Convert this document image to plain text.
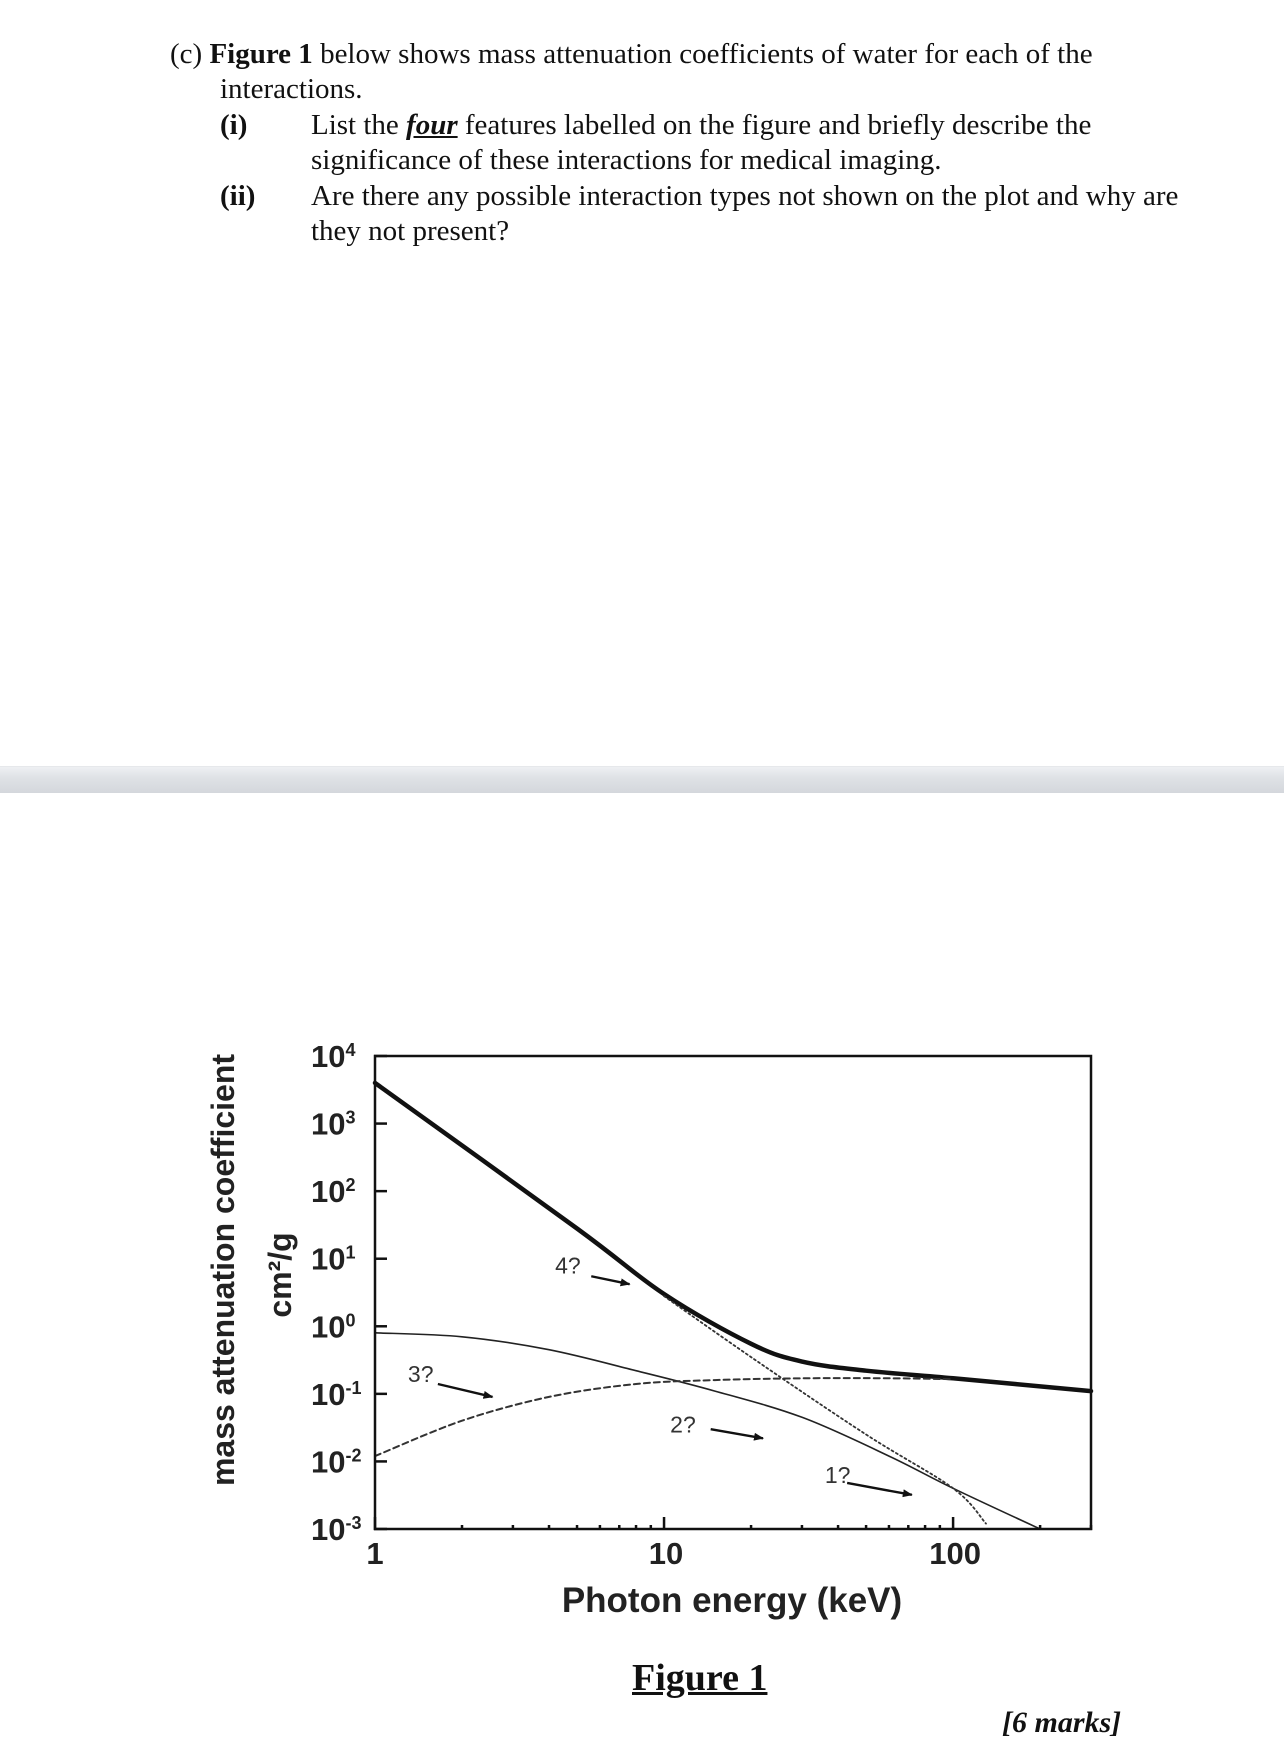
(c) Figure 1 below shows mass attenuation coefficients of water for each of the
interactions.
(i) List the four features labelled on the figure and briefly describe the
significance of these interactions for medical imaging.
(ii) Are there any possible interaction types not shown on the plot and why are
they not present?
mass attenuation coefficient cm²/g
$10^{-3}$
$10^{-2}$
$10^{-1}$
$10^0$
$10^1$
$10^2$
$10^3$
$10^4$
1	10	100
4?
3?
2?
1?
Photon energy (keV)
Figure 1
[6 marks]
